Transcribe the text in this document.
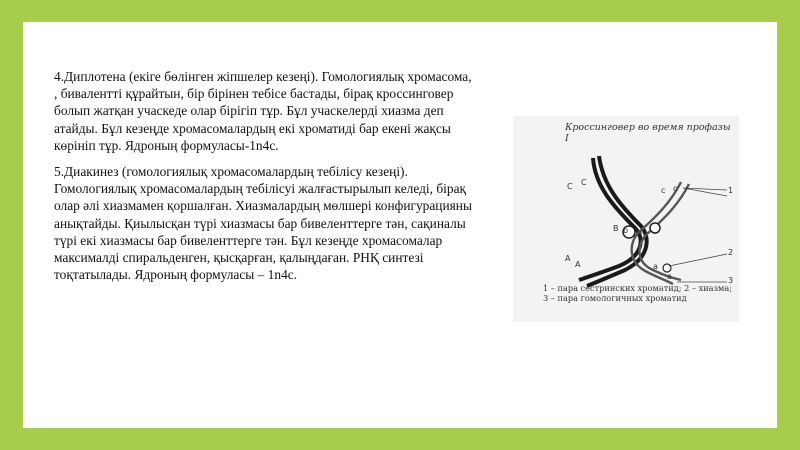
4.Диплотена (екіге бөлінген жіпшелер кезеңі). Гомологиялық хромасома, , бивалентті құрайтын, бір бірінен тебісе бастады, бірақ кроссинговер болып жатқан учаскеде олар бірігіп тұр. Бұл учаскелерді хиазма деп атайды. Бұл кезеңде хромасомалардың екі хроматиді бар екені жақсы көрініп тұр. Ядроның формуласы-1n4c.

5.Диакинез (гомологиялық хромасомалардың тебілісу кезеңі). Гомологиялық хромасомалардың тебілісуі жалғастырылып келеді, бірақ олар әлі хиазмамен қоршалған. Хиазмалардың мөлшері конфигурацияны анықтайды. Қиылысқан түрі хиазмасы бар бивеленттерге тән, сақиналы түрі екі хиазмасы бар бивеленттерге тән. Бұл кезеңде хромасомалар максималді спиральденген, қысқарған, қалыңдаған. РНҚ синтезі тоқтатылады. Ядроның формуласы – 1n4c.

Кроссинговер во время профазы I
С С
с с
В b b
А
А	а
а
1
2
3
1 – пара сестринских хроматид; 2 – хиазма; 3 – пара гомологичных хроматид
